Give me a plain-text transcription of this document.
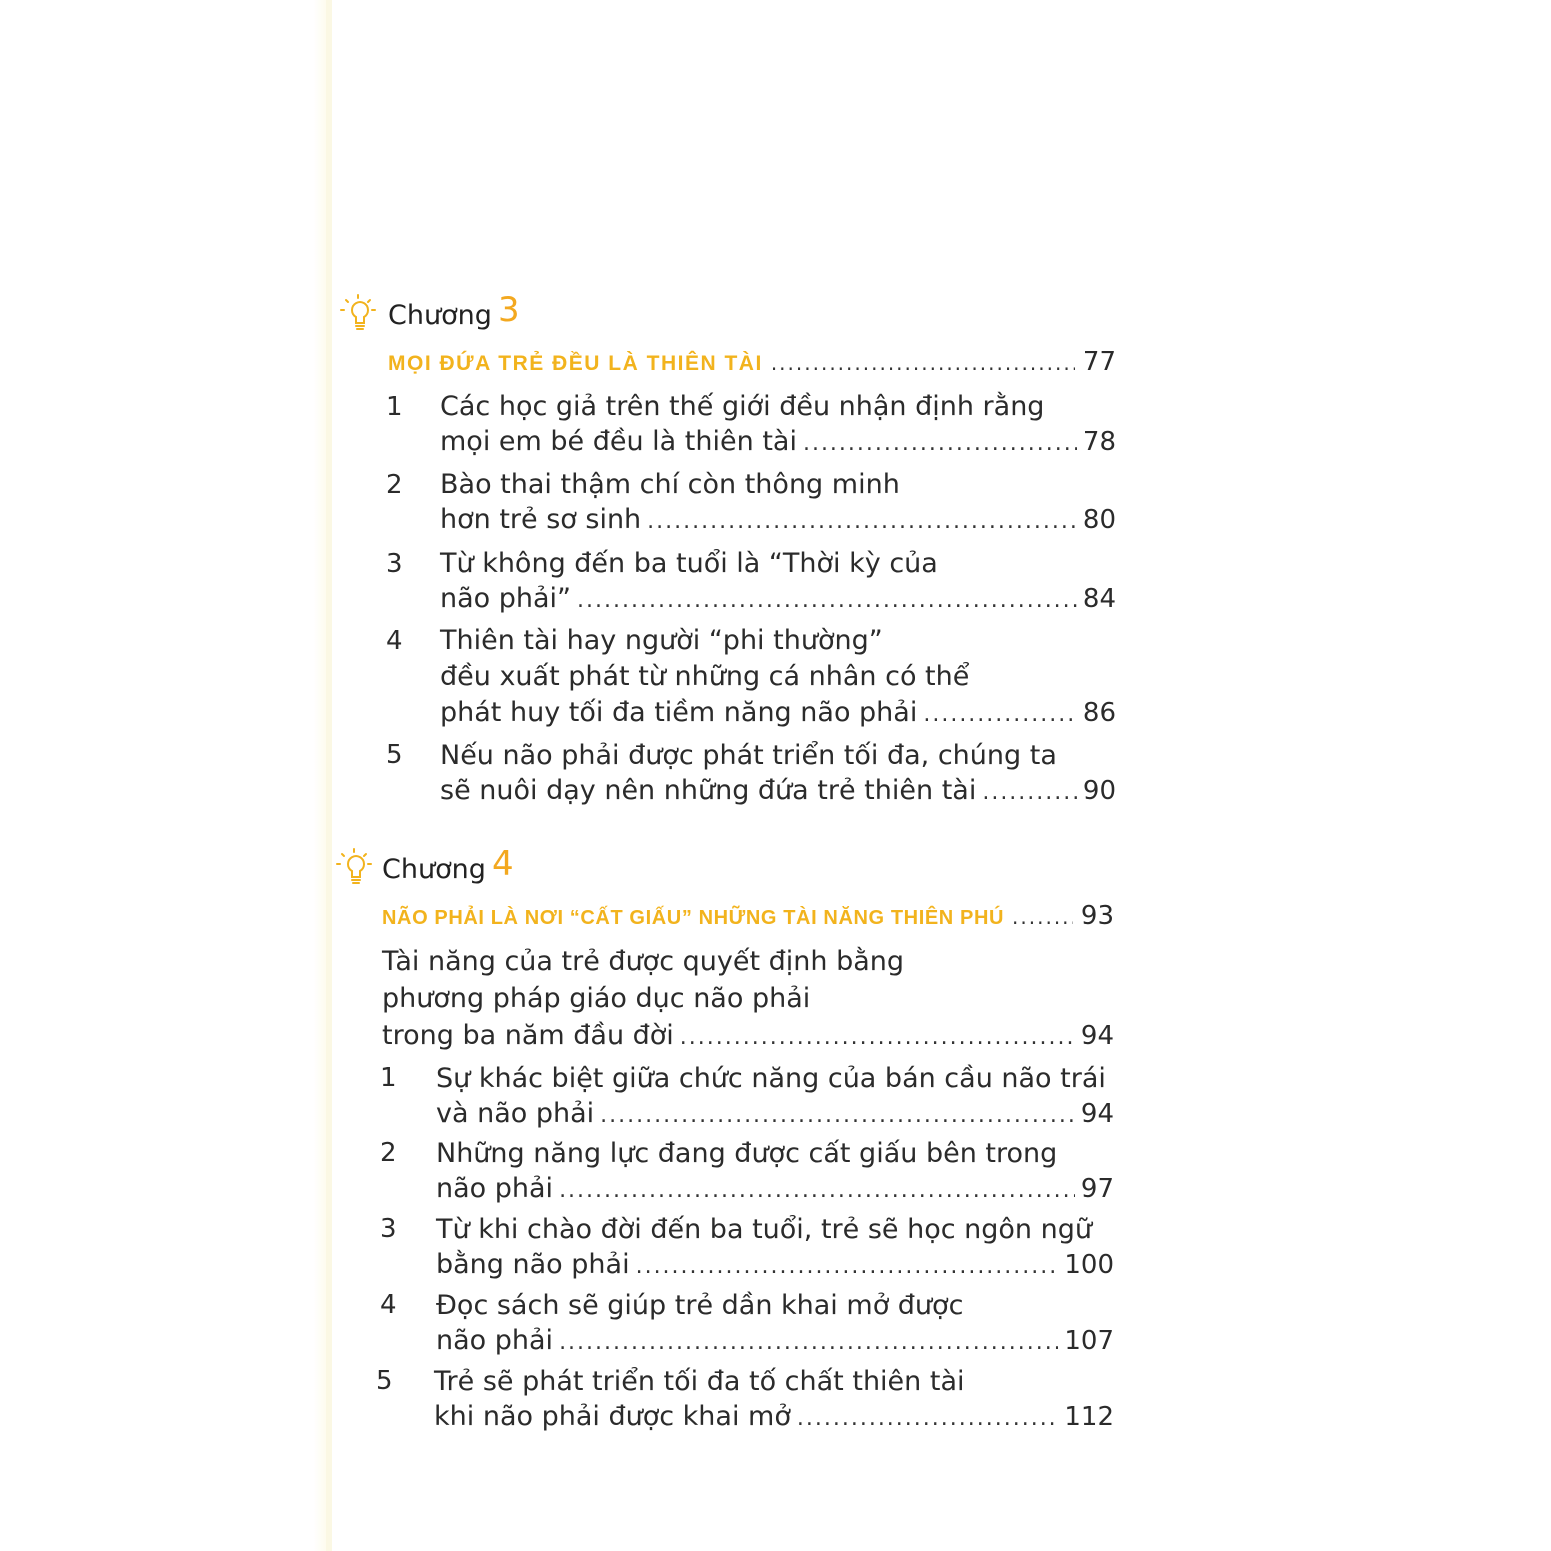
Chương 3
MỌI ĐỨA TRẺ ĐỀU LÀ THIÊN TÀI .....	77
1 Các học giả trên thế giới đều nhận định rằng
mọi em bé đều là thiên tài .....	78
2 Bào thai thậm chí còn thông minh
hơn trẻ sơ sinh .....	80
3 Từ không đến ba tuổi là “Thời kỳ của
não phải” .....	84
4 Thiên tài hay người “phi thường”
đều xuất phát từ những cá nhân có thể
phát huy tối đa tiềm năng não phải .....	86
5 Nếu não phải được phát triển tối đa, chúng ta
sẽ nuôi dạy nên những đứa trẻ thiên tài .....	90
Chương 4
NÃO PHẢI LÀ NƠI “CẤT GIẤU” NHỮNG TÀI NĂNG THIÊN PHÚ .....	93
Tài năng của trẻ được quyết định bằng
phương pháp giáo dục não phải
trong ba năm đầu đời .....	94
1 Sự khác biệt giữa chức năng của bán cầu não trái
và não phải .....	94
2 Những năng lực đang được cất giấu bên trong
não phải .....	97
3 Từ khi chào đời đến ba tuổi, trẻ sẽ học ngôn ngữ
bằng não phải .....	100
4 Đọc sách sẽ giúp trẻ dần khai mở được
não phải .....	107
5 Trẻ sẽ phát triển tối đa tố chất thiên tài
khi não phải được khai mở .....	112
